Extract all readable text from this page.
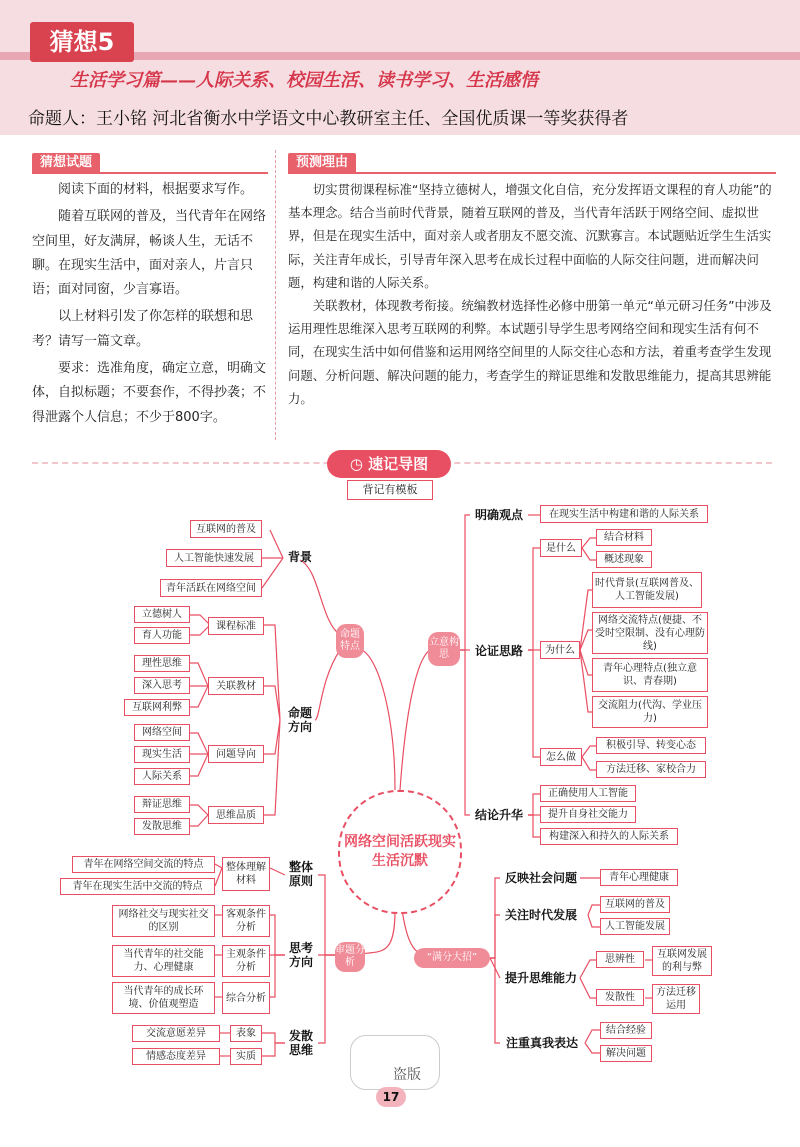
猜想5
生活学习篇——人际关系、校园生活、读书学习、生活感悟
命题人：王小铭 河北省衡水中学语文中心教研室主任、全国优质课一等奖获得者
猜想试题

阅读下面的材料，根据要求写作。

随着互联网的普及，当代青年在网络空间里，好友满屏，畅谈人生，无话不聊。在现实生活中，面对亲人，片言只语；面对同窗，少言寡语。

以上材料引发了你怎样的联想和思考？请写一篇文章。

要求：选准角度，确定立意，明确文体，自拟标题；不要套作，不得抄袭；不得泄露个人信息；不少于800字。

预测理由

切实贯彻课程标准“坚持立德树人，增强文化自信，充分发挥语文课程的育人功能”的基本理念。结合当前时代背景，随着互联网的普及，当代青年活跃于网络空间、虚拟世界，但是在现实生活中，面对亲人或者朋友不愿交流、沉默寡言。本试题贴近学生生活实际，关注青年成长，引导青年深入思考在成长过程中面临的人际交往问题，进而解决问题，构建和谐的人际关系。

关联教材，体现教考衔接。统编教材选择性必修中册第一单元“单元研习任务”中涉及运用理性思维深入思考互联网的利弊。本试题引导学生思考网络空间和现实生活有何不同，在现实生活中如何借鉴和运用网络空间里的人际交往心态和方法，着重考查学生发现问题、分析问题、解决问题的能力，考查学生的辩证思维和发散思维能力，提高其思辨能力。

◷ 速记导图
背记有模板
网络空间活跃现实生活沉默
命题特点	立意构思
审题分析	“满分大招”
背景
互联网的普及
人工智能快速发展
青年活跃在网络空间
命题方向
课程标准
立德树人
育人功能
关联教材
理性思维
深入思考
互联网利弊
问题导向
网络空间
现实生活
人际关系
思维品质
辩证思维
发散思维
明确观点	在现实生活中构建和谐的人际关系
论证思路
是什么
结合材料
概述现象
为什么
时代背景(互联网普及、人工智能发展)
网络交流特点(便捷、不受时空限制、没有心理防线)
青年心理特点(独立意识、青春期)
交流阻力(代沟、学业压力)
怎么做
积极引导、转变心态
方法迁移、家校合力
结论升华
正确使用人工智能
提升自身社交能力
构建深入和持久的人际关系
整体原则
整体理解材料
青年在网络空间交流的特点
青年在现实生活中交流的特点
思考方向
客观条件分析
网络社交与现实社交的区别
主观条件分析
当代青年的社交能力、心理健康
综合分析
当代青年的成长环境、价值观塑造
发散思维
表象
交流意愿差异
实质
情感态度差异
反映社会问题	青年心理健康
关注时代发展
互联网的普及
人工智能发展
提升思维能力
思辨性	互联网发展的利与弊
发散性	方法迁移运用
注重真我表达
结合经验
解决问题
盗版
17
